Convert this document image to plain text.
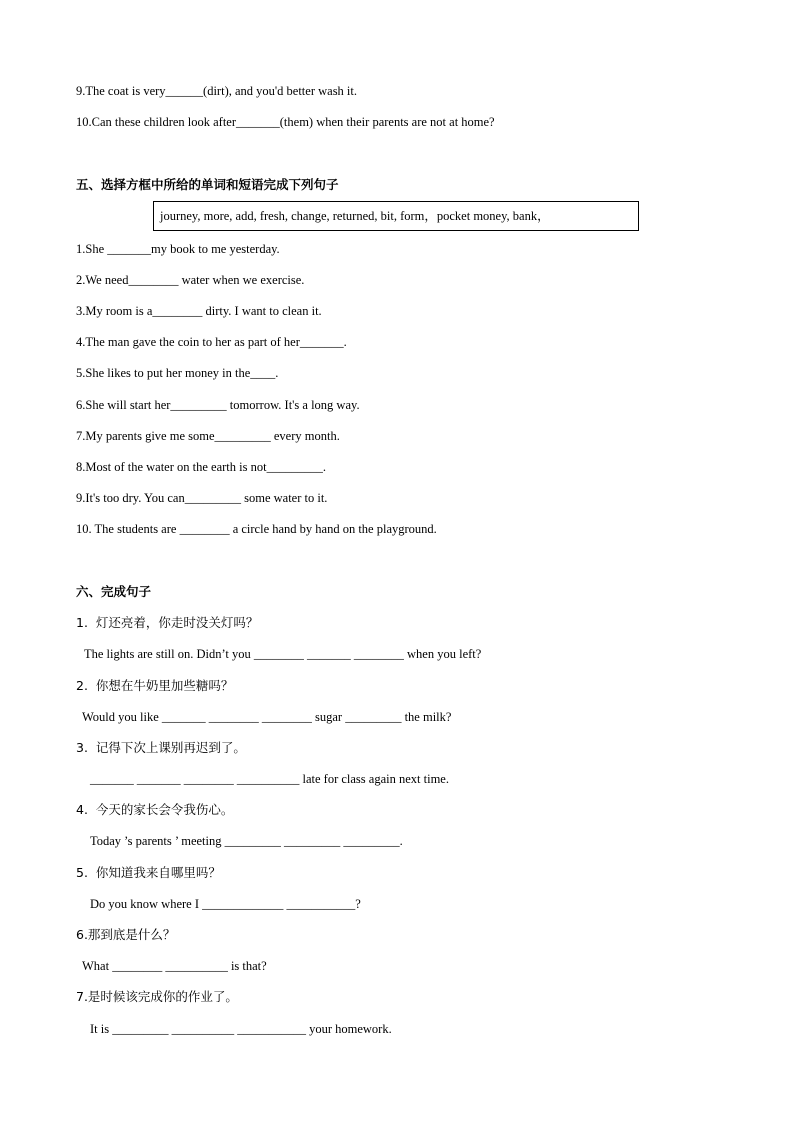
9.The coat is very______(dirt), and you'd better wash it.
10.Can these children look after_______(them) when their parents are not at home?
五、选择方框中所给的单词和短语完成下列句子
journey, more, add, fresh, change, returned, bit, form，pocket money, bank，
1.She _______my book to me yesterday.
2.We need________ water when we exercise.
3.My room is a________ dirty. I want to clean it.
4.The man gave the coin to her as part of her_______.
5.She likes to put her money in the____.
6.She will start her_________ tomorrow. It's a long way.
7.My parents give me some_________ every month.
8.Most of the water on the earth is not_________.
9.It's too dry. You can_________ some water to it.
10. The students are ________ a circle hand by hand on the playground.
六、完成句子
1.  灯还亮着，你走时没关灯吗？
The lights are still on. Didn’t you ________ _______ ________ when you left?
2.  你想在牛奶里加些糖吗？
Would you like _______ ________ ________ sugar _________ the milk?
3.  记得下次上课别再迟到了。
_______ _______ ________ __________ late for class again next time.
4.  今天的家长会令我伤心。
Today ’s parents ’ meeting _________ _________ _________.
5.  你知道我来自哪里吗？
Do you know where I _____________ ___________?
6.那到底是什么？
What ________ __________ is that?
7.是时候该完成你的作业了。
It is _________ __________ ___________ your homework.
